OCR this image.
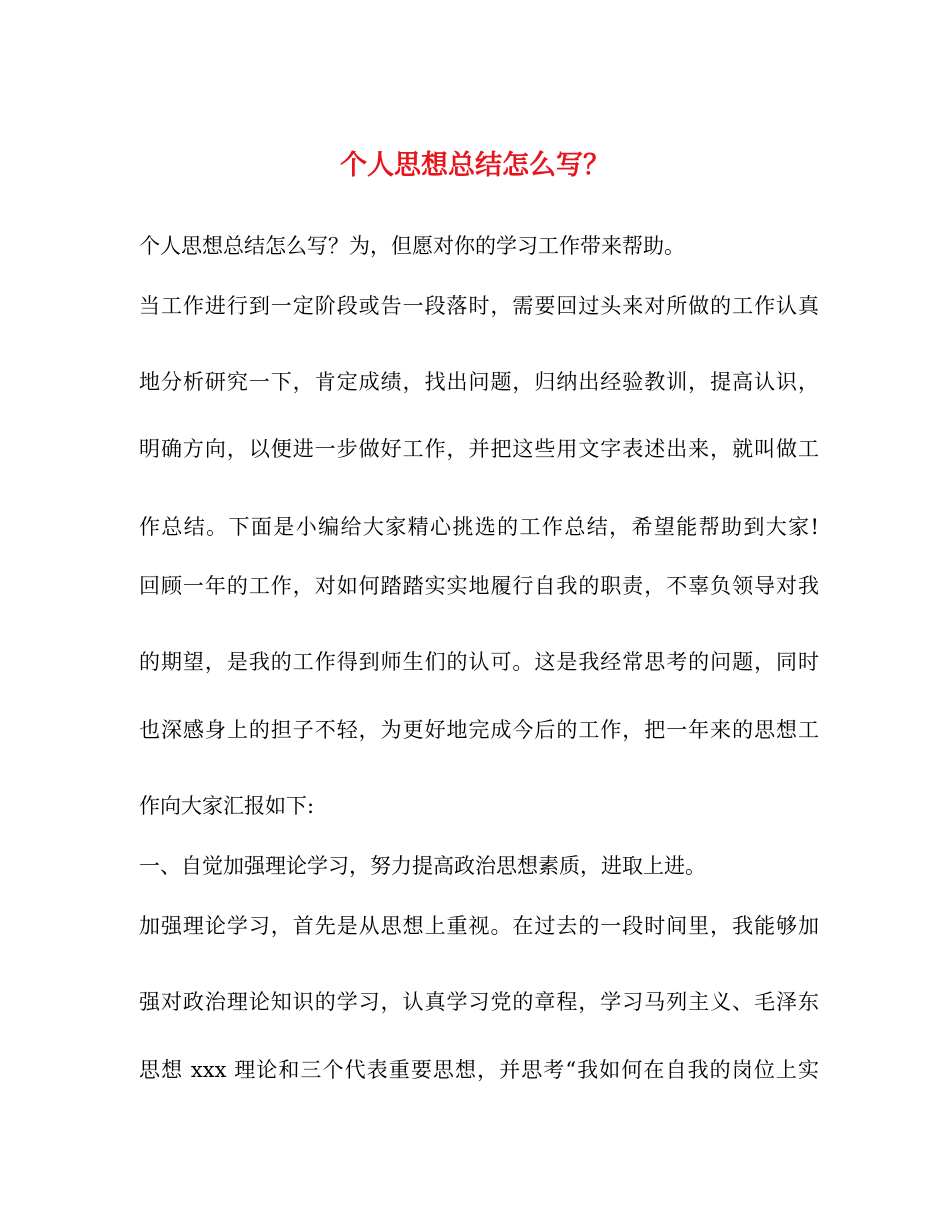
个人思想总结怎么写？
个人思想总结怎么写？为，但愿对你的学习工作带来帮助。
当工作进行到一定阶段或告一段落时，需要回过头来对所做的工作认真
地分析研究一下，肯定成绩，找出问题，归纳出经验教训，提高认识，
明确方向，以便进一步做好工作，并把这些用文字表述出来，就叫做工
作总结。下面是小编给大家精心挑选的工作总结，希望能帮助到大家!
回顾一年的工作，对如何踏踏实实地履行自我的职责，不辜负领导对我
的期望，是我的工作得到师生们的认可。这是我经常思考的问题，同时
也深感身上的担子不轻，为更好地完成今后的工作，把一年来的思想工
作向大家汇报如下:
一、自觉加强理论学习，努力提高政治思想素质，进取上进。
加强理论学习，首先是从思想上重视。在过去的一段时间里，我能够加
强对政治理论知识的学习，认真学习党的章程，学习马列主义、毛泽东
思想 xxx 理论和三个代表重要思想，并思考“我如何在自我的岗位上实
